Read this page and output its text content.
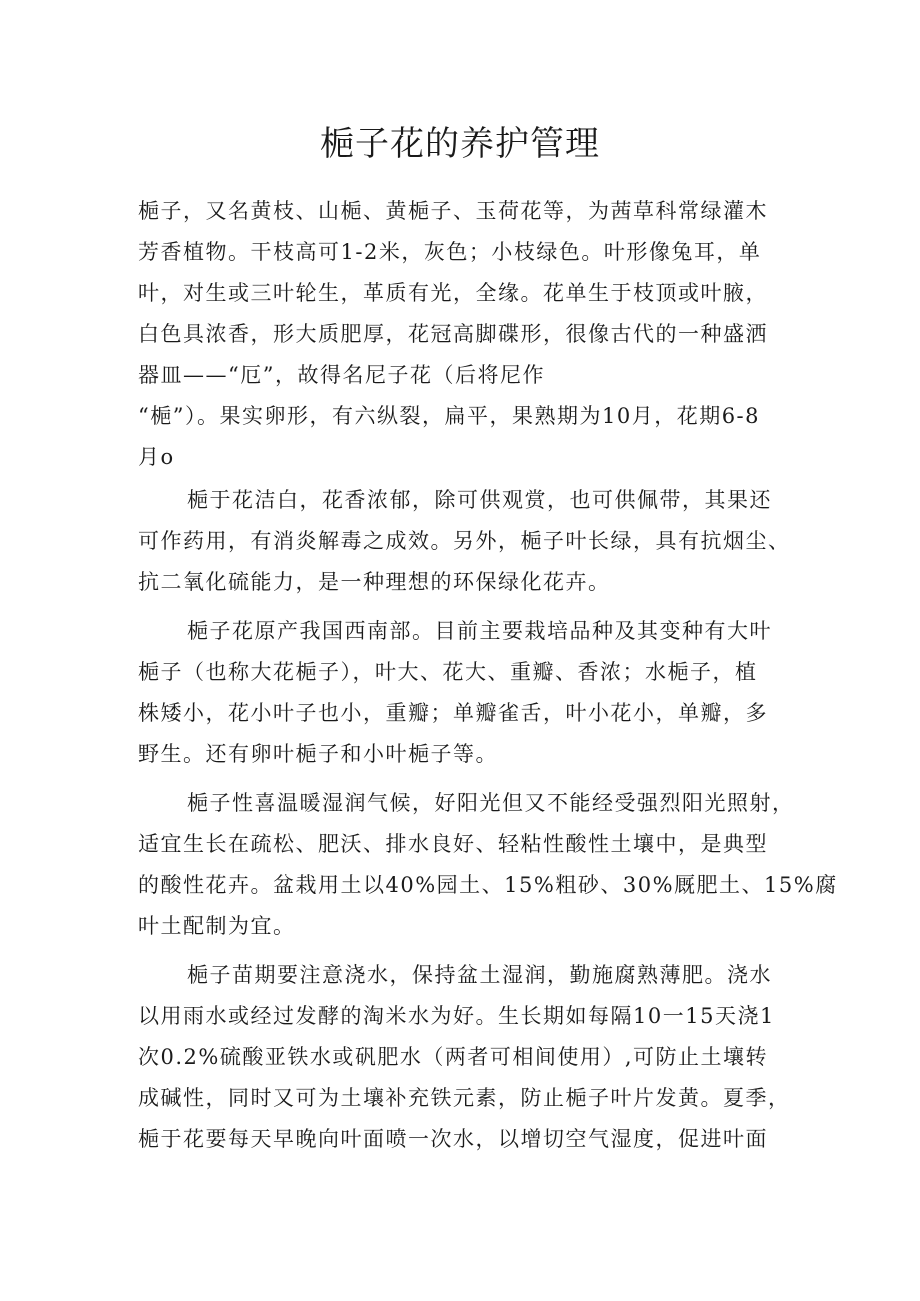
梔子花的养护管理
梔子，又名黄枝、山梔、黄梔子、玉荷花等，为茜草科常绿灌木
芳香植物。干枝高可1-2米，灰色；小枝绿色。叶形像兔耳，单
叶，对生或三叶轮生，革质有光，全缘。花单生于枝顶或叶腋，
白色具浓香，形大质肥厚，花冠高脚碟形，很像古代的一种盛洒
器皿——“厄”，故得名尼子花（后将尼作
“梔”）。果实卵形，有六纵裂，扁平，果熟期为10月，花期6-8
月o
梔于花洁白，花香浓郁，除可供观赏，也可供佩带，其果还
可作药用，有消炎解毒之成效。另外，梔子叶长绿，具有抗烟尘、
抗二氧化硫能力，是一种理想的环保绿化花卉。
梔子花原产我国西南部。目前主要栽培品种及其变种有大叶
梔子（也称大花梔子），叶大、花大、重瓣、香浓；水梔子，植
株矮小，花小叶子也小，重瓣；单瓣雀舌，叶小花小，单瓣，多
野生。还有卵叶梔子和小叶梔子等。
梔子性喜温暖湿润气候，好阳光但又不能经受强烈阳光照射，
适宜生长在疏松、肥沃、排水良好、轻粘性酸性土壤中，是典型
的酸性花卉。盆栽用土以40%园土、15%粗砂、30%厩肥土、15%腐
叶土配制为宜。
梔子苗期要注意浇水，保持盆土湿润，勤施腐熟薄肥。浇水
以用雨水或经过发酵的淘米水为好。生长期如每隔10一15天浇1
次0.2%硫酸亚铁水或矾肥水（两者可相间使用）,可防止土壤转
成碱性，同时又可为土壤补充铁元素，防止梔子叶片发黄。夏季，
梔于花要每天早晚向叶面喷一次水，以增切空气湿度，促进叶面
